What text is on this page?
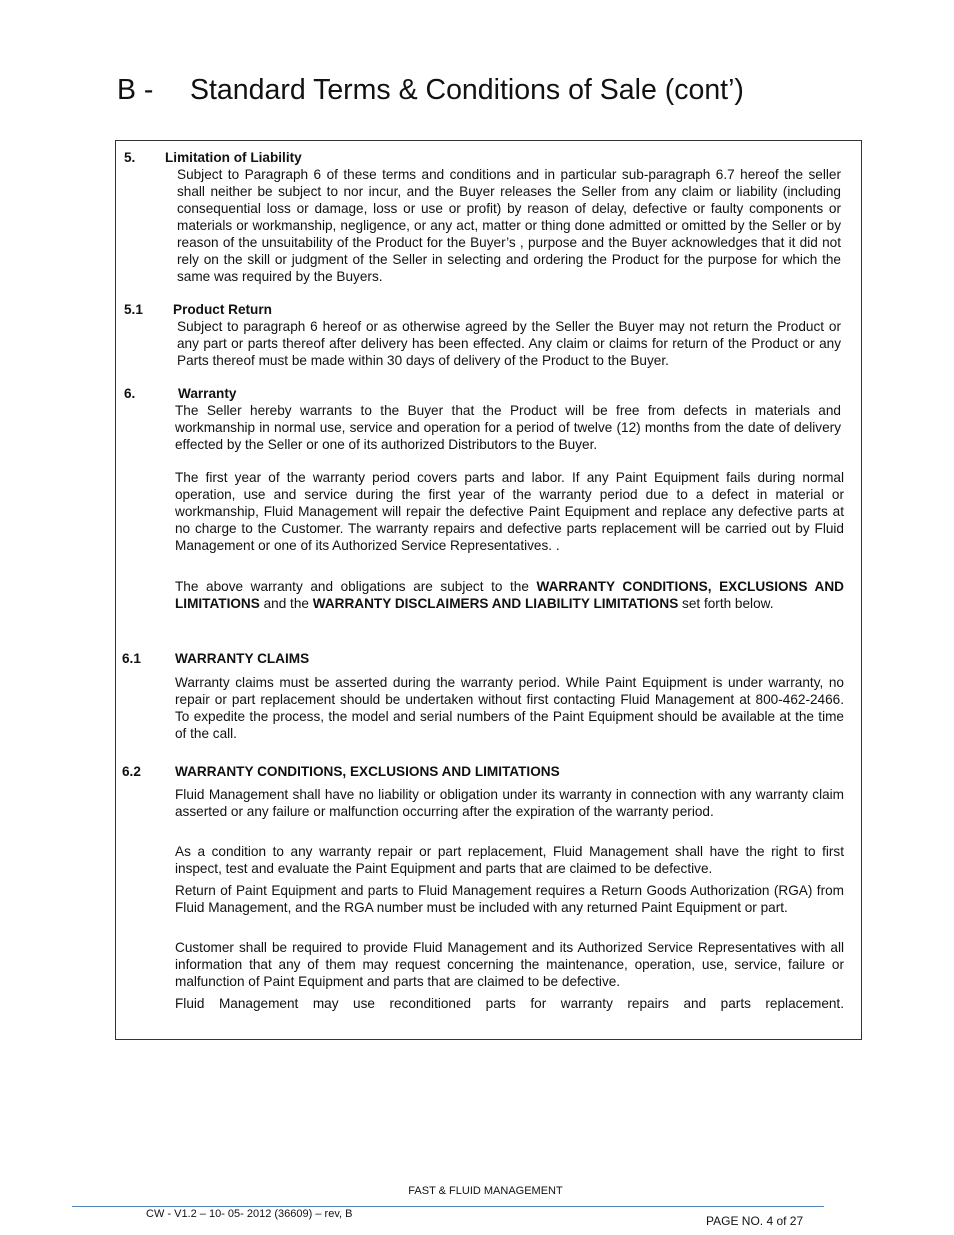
B - Standard Terms & Conditions of Sale (cont’)
5. Limitation of Liability

Subject to Paragraph 6 of these terms and conditions and in particular sub-paragraph 6.7 hereof the seller shall neither be subject to nor incur, and the Buyer releases the Seller from any claim or liability (including consequential loss or damage, loss or use or profit) by reason of delay, defective or faulty components or materials or workmanship, negligence, or any act, matter or thing done admitted or omitted by the Seller or by reason of the unsuitability of the Product for the Buyer’s , purpose and the Buyer acknowledges that it did not rely on the skill or judgment of the Seller in selecting and ordering the Product for the purpose for which the same was required by the Buyers.

5.1 Product Return

Subject to paragraph 6 hereof or as otherwise agreed by the Seller the Buyer may not return the Product or any part or parts thereof after delivery has been effected. Any claim or claims for return of the Product or any Parts thereof must be made within 30 days of delivery of the Product to the Buyer.

6.	Warranty

The Seller hereby warrants to the Buyer that the Product will be free from defects in materials and workmanship in normal use, service and operation for a period of twelve (12) months from the date of delivery effected by the Seller or one of its authorized Distributors to the Buyer.

The first year of the warranty period covers parts and labor. If any Paint Equipment fails during normal operation, use and service during the first year of the warranty period due to a defect in material or workmanship, Fluid Management will repair the defective Paint Equipment and replace any defective parts at no charge to the Customer. The warranty repairs and defective parts replacement will be carried out by Fluid Management or one of its Authorized Service Representatives. .

The above warranty and obligations are subject to the WARRANTY CONDITIONS, EXCLUSIONS AND LIMITATIONS and the WARRANTY DISCLAIMERS AND LIABILITY LIMITATIONS set forth below.

6.1	WARRANTY CLAIMS

Warranty claims must be asserted during the warranty period. While Paint Equipment is under warranty, no repair or part replacement should be undertaken without first contacting Fluid Management at 800-462-2466. To expedite the process, the model and serial numbers of the Paint Equipment should be available at the time of the call.

6.2	WARRANTY CONDITIONS, EXCLUSIONS AND LIMITATIONS

Fluid Management shall have no liability or obligation under its warranty in connection with any warranty claim asserted or any failure or malfunction occurring after the expiration of the warranty period.

As a condition to any warranty repair or part replacement, Fluid Management shall have the right to first inspect, test and evaluate the Paint Equipment and parts that are claimed to be defective.

Return of Paint Equipment and parts to Fluid Management requires a Return Goods Authorization (RGA) from Fluid Management, and the RGA number must be included with any returned Paint Equipment or part.

Customer shall be required to provide Fluid Management and its Authorized Service Representatives with all information that any of them may request concerning the maintenance, operation, use, service, failure or malfunction of Paint Equipment and parts that are claimed to be defective.

Fluid Management may use reconditioned parts for warranty repairs and parts replacement.

FAST & FLUID MANAGEMENT

CW - V1.2 – 10- 05- 2012 (36609) – rev, B	PAGE NO. 4 of 27
